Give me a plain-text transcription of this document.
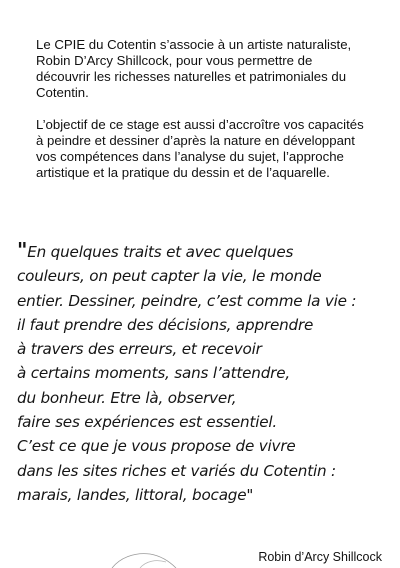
Le CPIE du Cotentin s’associe à un artiste naturaliste, Robin D’Arcy Shillcock, pour vous permettre de découvrir les richesses naturelles et patrimoniales du Cotentin.

L’objectif de ce stage est aussi d’accroître vos capacités à peindre et dessiner d’après la nature en développant vos compétences dans l’analyse du sujet, l’approche artistique et la pratique du dessin et de l’aquarelle.

"En quelques traits et avec quelques
couleurs, on peut capter la vie, le monde
entier. Dessiner, peindre, c’est comme la vie :
il faut prendre des décisions, apprendre
à travers des erreurs, et recevoir
à certains moments, sans l’attendre,
du bonheur. Etre là, observer,
faire ses expériences est essentiel.
C’est ce que je vous propose de vivre
dans les sites riches et variés du Cotentin :
marais, landes, littoral, bocage"

Robin d’Arcy Shillcock
